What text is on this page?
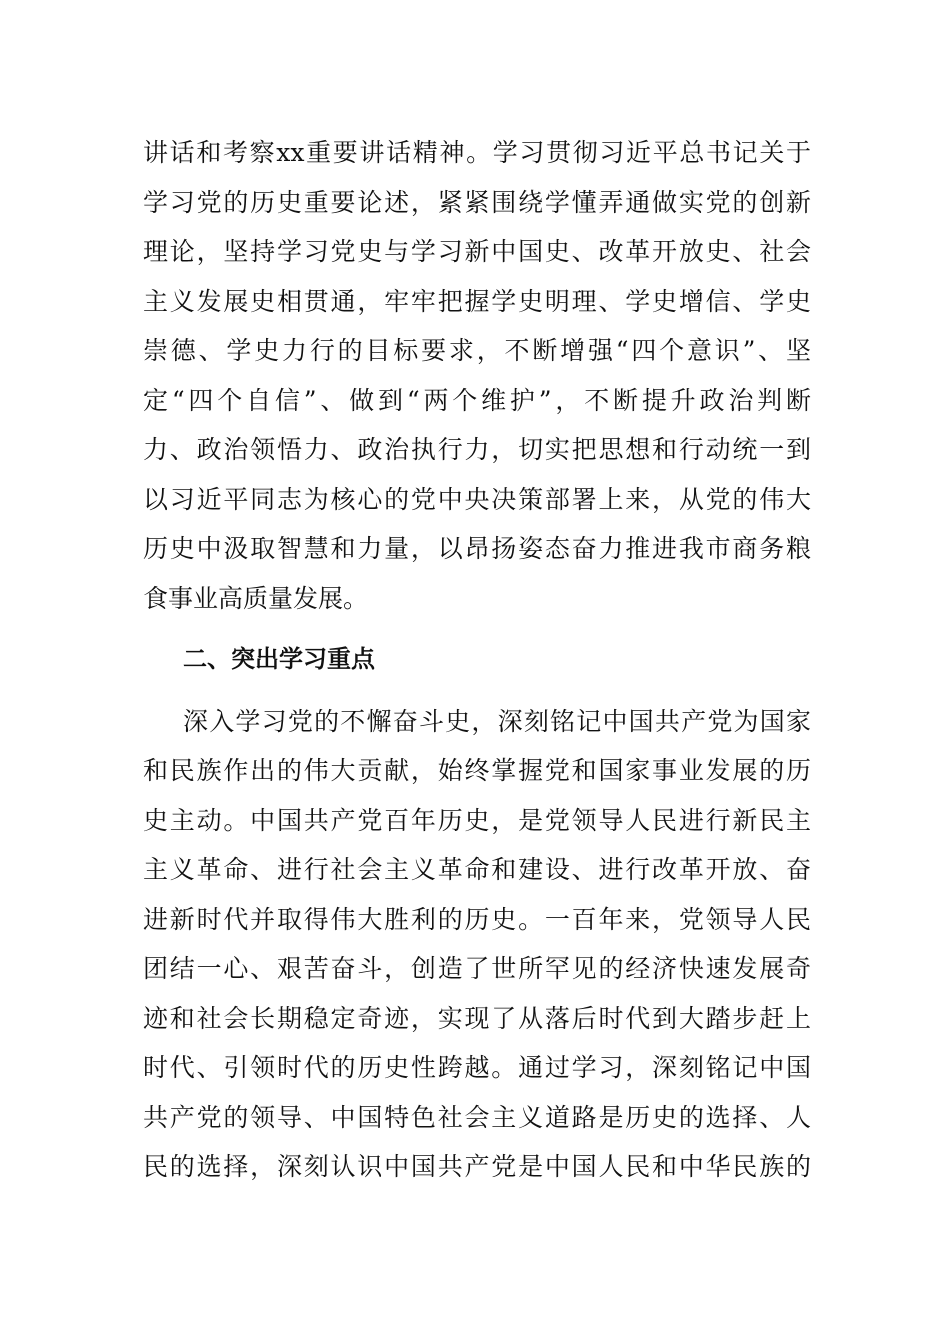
讲话和考察xx重要讲话精神。学习贯彻习近平总书记关于
学习党的历史重要论述，紧紧围绕学懂弄通做实党的创新
理论，坚持学习党史与学习新中国史、改革开放史、社会
主义发展史相贯通，牢牢把握学史明理、学史增信、学史
崇德、学史力行的目标要求，不断增强“四个意识”、坚
定“四个自信”、做到“两个维护”，不断提升政治判断
力、政治领悟力、政治执行力，切实把思想和行动统一到
以习近平同志为核心的党中央决策部署上来，从党的伟大
历史中汲取智慧和力量，以昂扬姿态奋力推进我市商务粮
食事业高质量发展。
二、突出学习重点
深入学习党的不懈奋斗史，深刻铭记中国共产党为国家
和民族作出的伟大贡献，始终掌握党和国家事业发展的历
史主动。中国共产党百年历史，是党领导人民进行新民主
主义革命、进行社会主义革命和建设、进行改革开放、奋
进新时代并取得伟大胜利的历史。一百年来，党领导人民
团结一心、艰苦奋斗，创造了世所罕见的经济快速发展奇
迹和社会长期稳定奇迹，实现了从落后时代到大踏步赶上
时代、引领时代的历史性跨越。通过学习，深刻铭记中国
共产党的领导、中国特色社会主义道路是历史的选择、人
民的选择，深刻认识中国共产党是中国人民和中华民族的
